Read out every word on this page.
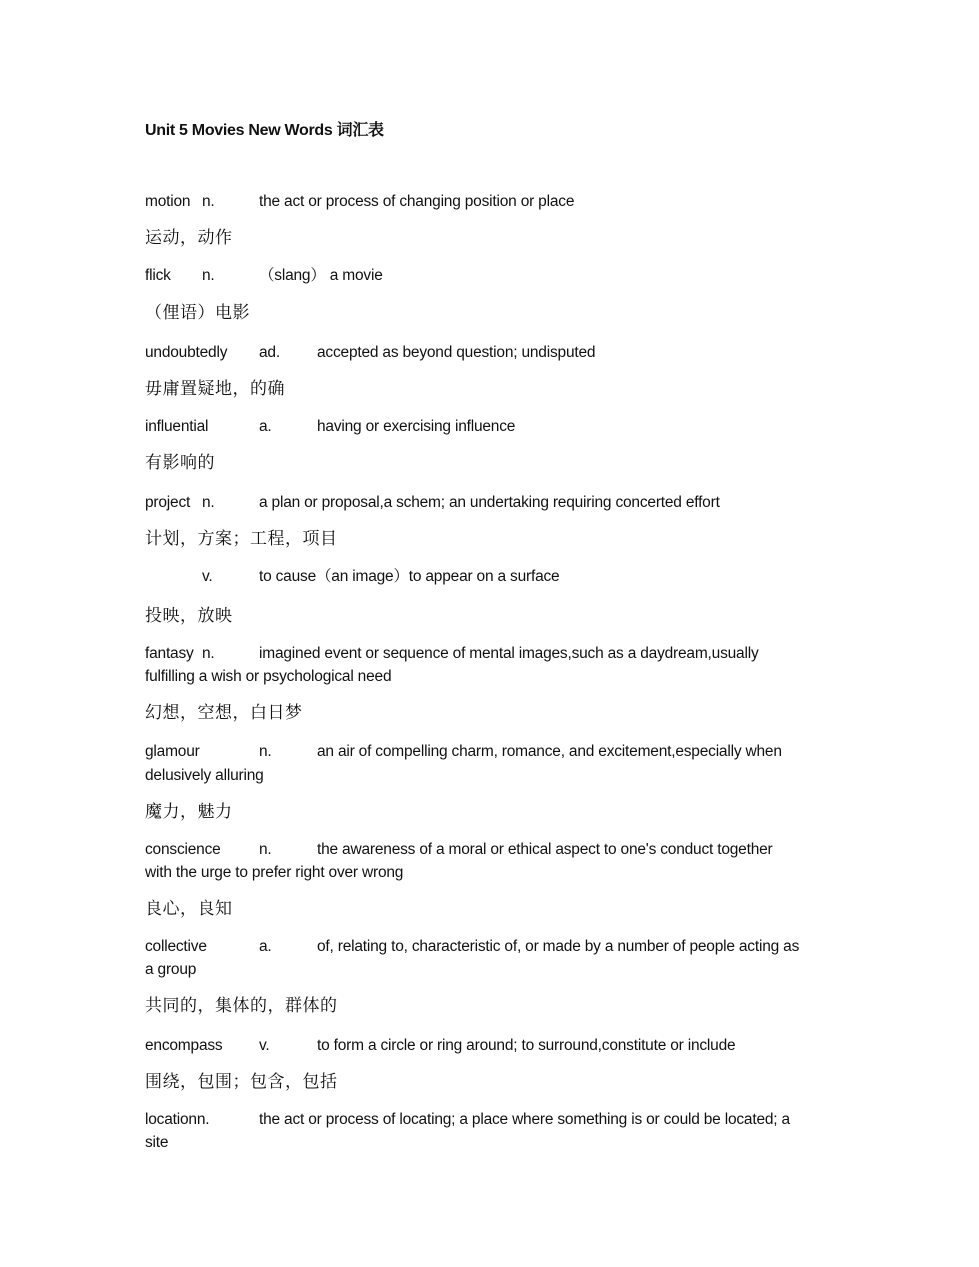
Unit 5 Movies New Words 词汇表
motion n.	the act or process of changing position or place
运动，动作
flick n.	（slang） a movie
（俚语）电影
undoubtedly ad. accepted as beyond question; undisputed
毋庸置疑地，的确
influential	a.	having or exercising influence
有影响的
project n.	a plan or proposal,a schem; an undertaking requiring concerted effort
计划，方案；工程，项目
v.	to cause（an image）to appear on a surface
投映，放映
fantasy n.	imagined event or sequence of mental images,such as a daydream,usually
fulfilling a wish or psychological need
幻想，空想，白日梦
glamour	n.	an air of compelling charm, romance, and excitement,especially when
delusively alluring
魔力，魅力
conscience n.	the awareness of a moral or ethical aspect to one's conduct together
with the urge to prefer right over wrong
良心，良知
collective	a.	of, relating to, characteristic of, or made by a number of people acting as
a group
共同的，集体的，群体的
encompass v.	to form a circle or ring around; to surround,constitute or include
围绕，包围；包含，包括
locationn.	the act or process of locating; a place where something is or could be located; a
site
